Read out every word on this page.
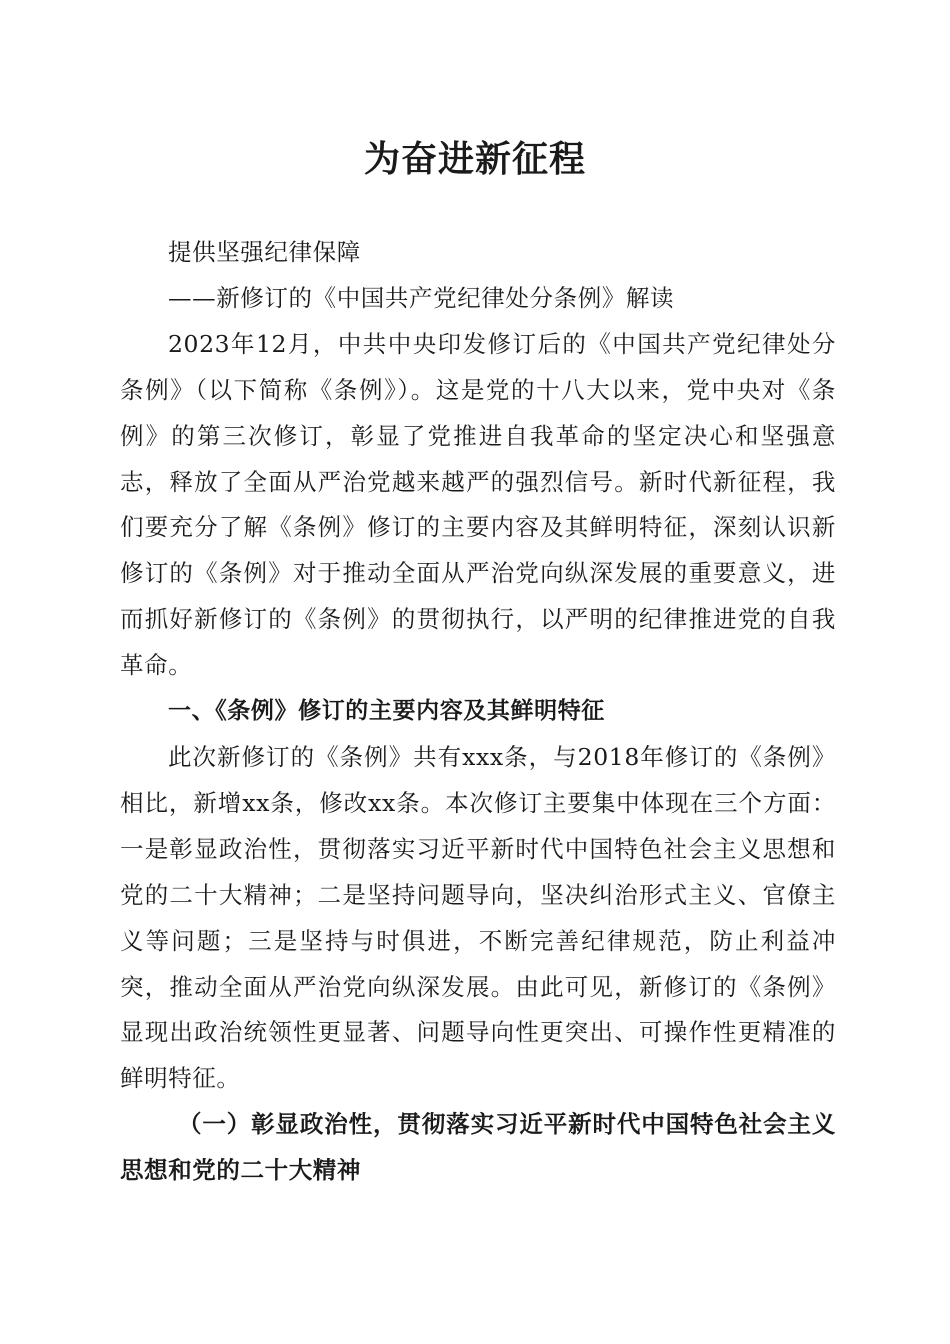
为奋进新征程

提供坚强纪律保障

——新修订的《中国共产党纪律处分条例》解读

2023年12月，中共中央印发修订后的《中国共产党纪律处分条例》（以下简称《条例》）。这是党的十八大以来，党中央对《条例》的第三次修订，彰显了党推进自我革命的坚定决心和坚强意志，释放了全面从严治党越来越严的强烈信号。新时代新征程，我们要充分了解《条例》修订的主要内容及其鲜明特征，深刻认识新修订的《条例》对于推动全面从严治党向纵深发展的重要意义，进而抓好新修订的《条例》的贯彻执行，以严明的纪律推进党的自我革命。

一、《条例》修订的主要内容及其鲜明特征

此次新修订的《条例》共有xxx条，与2018年修订的《条例》相比，新增xx条，修改xx条。本次修订主要集中体现在三个方面：一是彰显政治性，贯彻落实习近平新时代中国特色社会主义思想和党的二十大精神；二是坚持问题导向，坚决纠治形式主义、官僚主义等问题；三是坚持与时俱进，不断完善纪律规范，防止利益冲突，推动全面从严治党向纵深发展。由此可见，新修订的《条例》显现出政治统领性更显著、问题导向性更突出、可操作性更精准的鲜明特征。

（一）彰显政治性，贯彻落实习近平新时代中国特色社会主义思想和党的二十大精神
